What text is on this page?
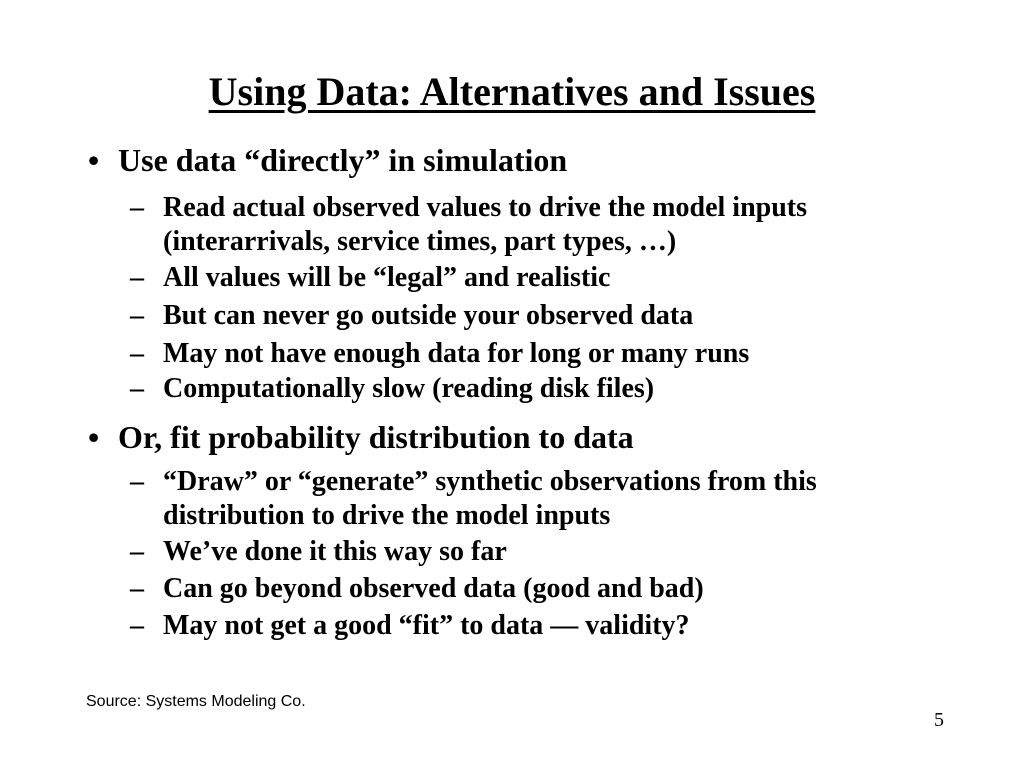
Using Data: Alternatives and Issues
• Use data “directly” in simulation
– Read actual observed values to drive the model inputs (interarrivals, service times, part types, …)
– All values will be “legal” and realistic
– But can never go outside your observed data
– May not have enough data for long or many runs
– Computationally slow (reading disk files)
• Or, fit probability distribution to data
– “Draw” or “generate” synthetic observations from this distribution to drive the model inputs
– We’ve done it this way so far
– Can go beyond observed data (good and bad)
– May not get a good “fit” to data — validity?
Source: Systems Modeling Co.
5
